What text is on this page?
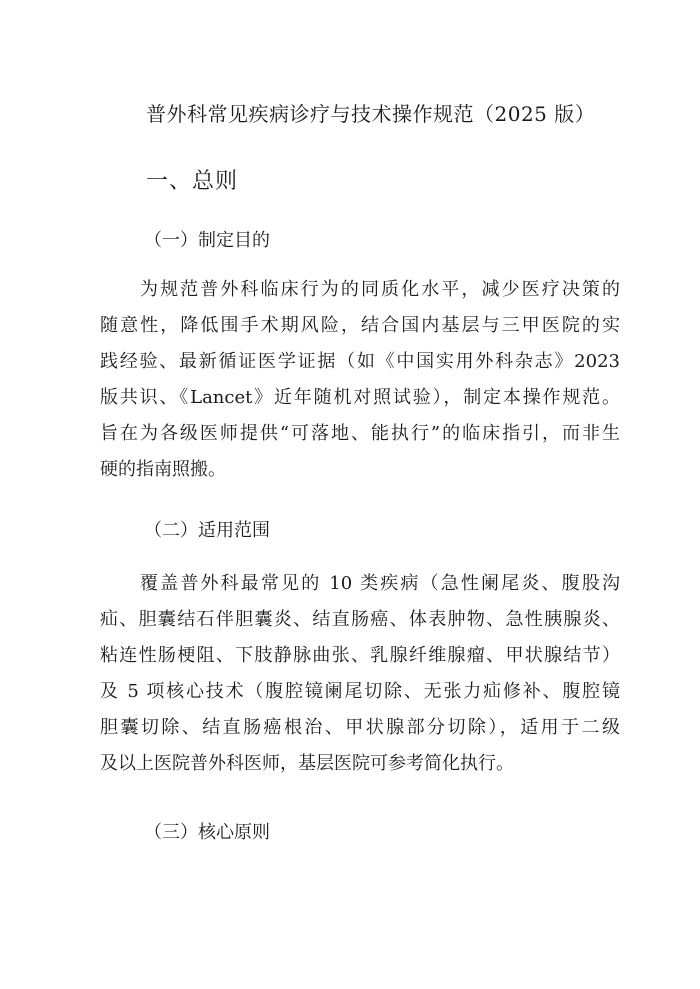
普外科常见疾病诊疗与技术操作规范（2025 版）
一、总则
（一）制定目的
为规范普外科临床行为的同质化水平，减少医疗决策的
随意性，降低围手术期风险，结合国内基层与三甲医院的实
践经验、最新循证医学证据（如《中国实用外科杂志》2023
版共识、《Lancet》近年随机对照试验），制定本操作规范。
旨在为各级医师提供“可落地、能执行”的临床指引，而非生
硬的指南照搬。
（二）适用范围
覆盖普外科最常见的 10 类疾病（急性阑尾炎、腹股沟
疝、胆囊结石伴胆囊炎、结直肠癌、体表肿物、急性胰腺炎、
粘连性肠梗阻、下肢静脉曲张、乳腺纤维腺瘤、甲状腺结节）
及 5 项核心技术（腹腔镜阑尾切除、无张力疝修补、腹腔镜
胆囊切除、结直肠癌根治、甲状腺部分切除），适用于二级
及以上医院普外科医师，基层医院可参考简化执行。
（三）核心原则
